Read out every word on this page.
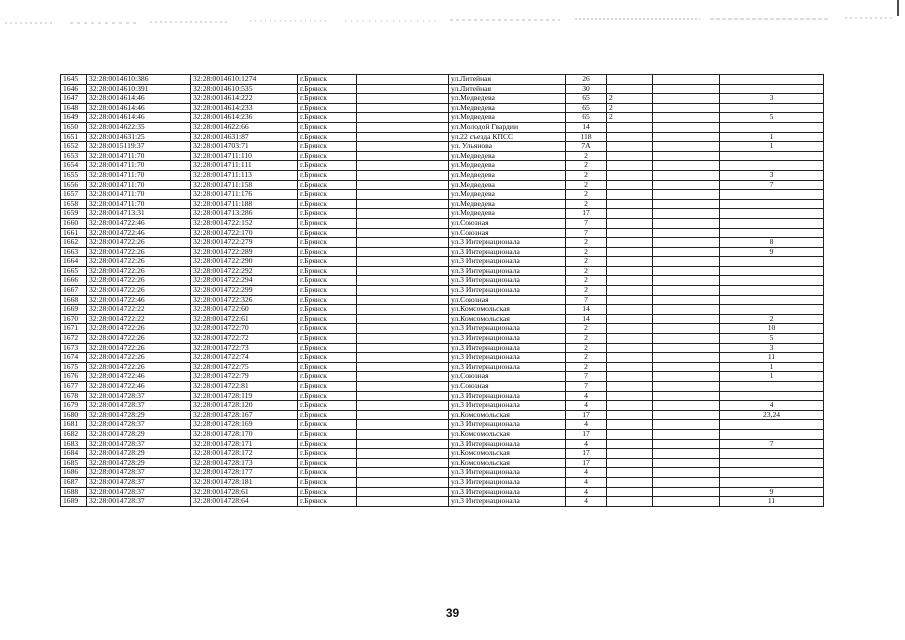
1645	32:28:0014610:386	32:28:0014610:1274	г.Брянск		ул.Литейная	26			
1646	32:28:0014610:391	32:28:0014610:535	г.Брянск		ул.Литейная	30			
1647	32:28:0014614:46	32:28:0014614:222	г.Брянск		ул.Медведева	65	2		3
1648	32:28:0014614:46	32:28:0014614:233	г.Брянск		ул.Медведева	65	2		
1649	32:28:0014614:46	32:28:0014614:236	г.Брянск		ул.Медведева	65	2		5
1650	32:28:0014622:35	32:28:0014622:66	г.Брянск		ул.Молодой Гвардии	14			
1651	32:28:0014631:25	32:28:0014631:87	г.Брянск		ул.22 съезда КПСС	118			1
1652	32:28:0015119:37	32:28:0014703:71	г.Брянск		ул. Ульянова	7А			1
1653	32:28:0014711:70	32:28:0014711:110	г.Брянск		ул.Медведева	2			
1654	32:28:0014711:70	32:28:0014711:111	г.Брянск		ул.Медведева	2			
1655	32:28:0014711:70	32:28:0014711:113	г.Брянск		ул.Медведева	2			3
1656	32:28:0014711:70	32:28:0014711:158	г.Брянск		ул.Медведева	2			7
1657	32:28:0014711:70	32:28:0014711:176	г.Брянск		ул.Медведева	2			
1658	32:28:0014711:70	32:28:0014711:188	г.Брянск		ул.Медведева	2			
1659	32:28:0014713:31	32:28:0014713:286	г.Брянск		ул.Медведева	17			
1660	32:28:0014722:46	32:28:0014722:152	г.Брянск		ул.Союзная	7			
1661	32:28:0014722:46	32:28:0014722:170	г.Брянск		ул.Союзная	7			
1662	32:28:0014722:26	32:28:0014722:279	г.Брянск		ул.3 Интернационала	2			8
1663	32:28:0014722:26	32:28:0014722:289	г.Брянск		ул.3 Интернационала	2			9
1664	32:28:0014722:26	32:28:0014722:290	г.Брянск		ул.3 Интернационала	2			
1665	32:28:0014722:26	32:28:0014722:292	г.Брянск		ул.3 Интернационала	2			
1666	32:28:0014722:26	32:28:0014722:294	г.Брянск		ул.3 Интернационала	2			
1667	32:28:0014722:26	32:28:0014722:299	г.Брянск		ул.3 Интернационала	2			
1668	32:28:0014722:46	32:28:0014722:326	г.Брянск		ул.Союзная	7			
1669	32:28:0014722:22	32:28:0014722:60	г.Брянск		ул.Комсомольская	14			
1670	32:28:0014722:22	32:28:0014722:61	г.Брянск		ул.Комсомольская	14			2
1671	32:28:0014722:26	32:28:0014722:70	г.Брянск		ул.3 Интернационала	2			10
1672	32:28:0014722:26	32:28:0014722:72	г.Брянск		ул.3 Интернационала	2			5
1673	32:28:0014722:26	32:28:0014722:73	г.Брянск		ул.3 Интернационала	2			3
1674	32:28:0014722:26	32:28:0014722:74	г.Брянск		ул.3 Интернационала	2			11
1675	32:28:0014722:26	32:28:0014722:75	г.Брянск		ул.3 Интернационала	2			1
1676	32:28:0014722:46	32:28:0014722:79	г.Брянск		ул.Союзная	7			1
1677	32:28:0014722:46	32:28:0014722:81	г.Брянск		ул.Союзная	7			
1678	32:28:0014728:37	32:28:0014728:119	г.Брянск		ул.3 Интернационала	4			
1679	32:28:0014728:37	32:28:0014728:120	г.Брянск		ул.3 Интернационала	4			4
1680	32:28:0014728:29	32:28:0014728:167	г.Брянск		ул.Комсомольская	17			23,24
1681	32:28:0014728:37	32:28:0014728:169	г.Брянск		ул.3 Интернационала	4			
1682	32:28:0014728:29	32:28:0014728:170	г.Брянск		ул.Комсомольская	17			
1683	32:28:0014728:37	32:28:0014728:171	г.Брянск		ул.3 Интернационала	4			7
1684	32:28:0014728:29	32:28:0014728:172	г.Брянск		ул.Комсомольская	17			
1685	32:28:0014728:29	32:28:0014728:173	г.Брянск		ул.Комсомольская	17			
1686	32:28:0014728:37	32:28:0014728:177	г.Брянск		ул.3 Интернационала	4			
1687	32:28:0014728:37	32:28:0014728:181	г.Брянск		ул.3 Интернационала	4			
1688	32:28:0014728:37	32:28:0014728:61	г.Брянск		ул.3 Интернационала	4			9
1689	32:28:0014728:37	32:28:0014728:64	г.Брянск		ул.3 Интернационала	4			11
39
